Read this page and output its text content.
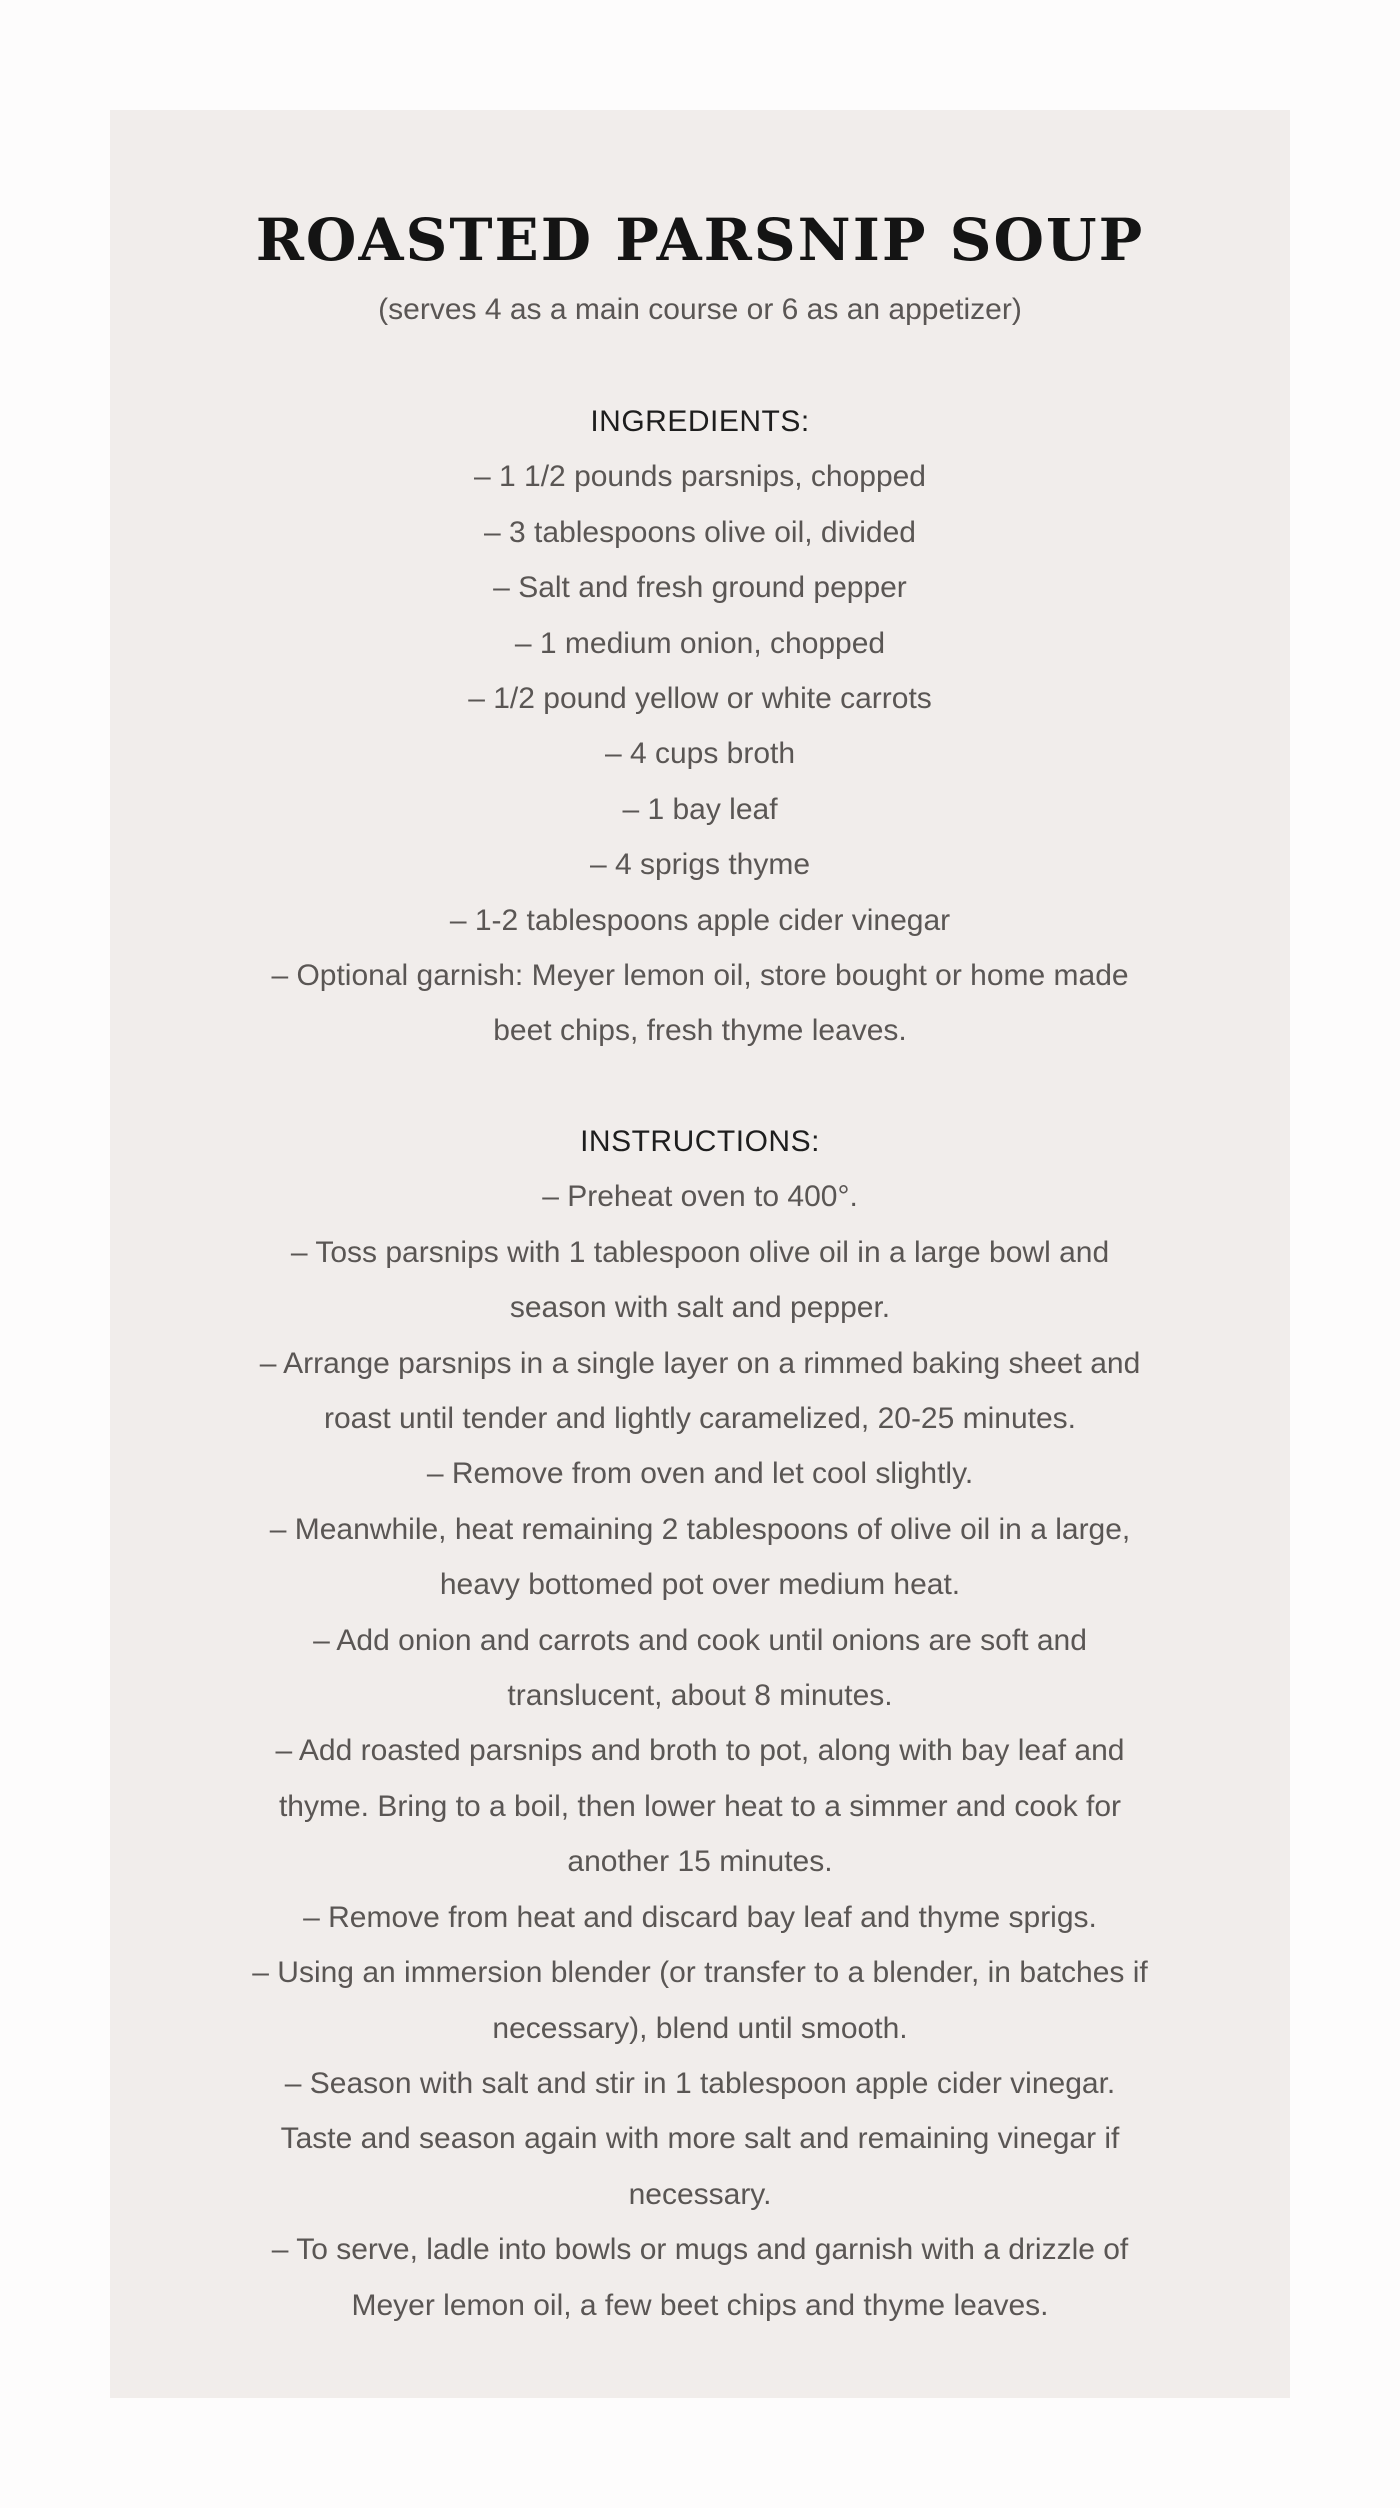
ROASTED PARSNIP SOUP
(serves 4 as a main course or 6 as an appetizer)
INGREDIENTS:
– 1 1/2 pounds parsnips, chopped
– 3 tablespoons olive oil, divided
– Salt and fresh ground pepper
– 1 medium onion, chopped
– 1/2 pound yellow or white carrots
– 4 cups broth
– 1 bay leaf
– 4 sprigs thyme
– 1-2 tablespoons apple cider vinegar
– Optional garnish: Meyer lemon oil, store bought or home made beet chips, fresh thyme leaves.
INSTRUCTIONS:
– Preheat oven to 400°.
– Toss parsnips with 1 tablespoon olive oil in a large bowl and season with salt and pepper.
– Arrange parsnips in a single layer on a rimmed baking sheet and roast until tender and lightly caramelized, 20-25 minutes.
– Remove from oven and let cool slightly.
– Meanwhile, heat remaining 2 tablespoons of olive oil in a large, heavy bottomed pot over medium heat.
– Add onion and carrots and cook until onions are soft and translucent, about 8 minutes.
– Add roasted parsnips and broth to pot, along with bay leaf and thyme. Bring to a boil, then lower heat to a simmer and cook for another 15 minutes.
– Remove from heat and discard bay leaf and thyme sprigs.
– Using an immersion blender (or transfer to a blender, in batches if necessary), blend until smooth.
– Season with salt and stir in 1 tablespoon apple cider vinegar. Taste and season again with more salt and remaining vinegar if necessary.
– To serve, ladle into bowls or mugs and garnish with a drizzle of Meyer lemon oil, a few beet chips and thyme leaves.
